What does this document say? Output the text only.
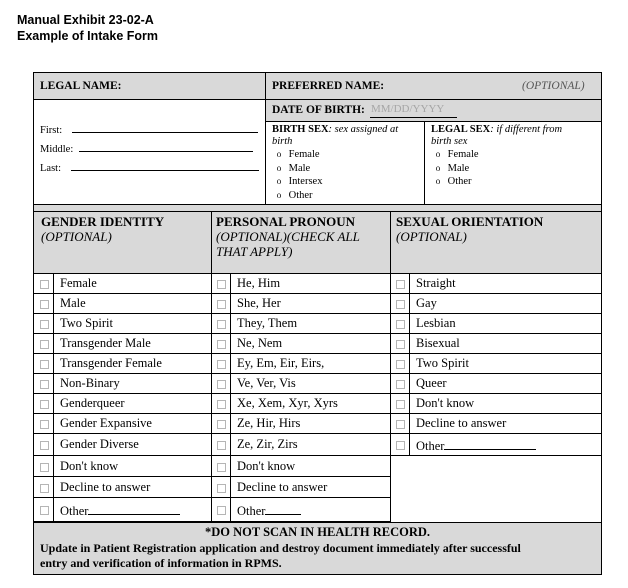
Manual Exhibit 23-02-A
Example of Intake Form
LEGAL NAME:	PREFERRED NAME:	(OPTIONAL)
DATE OF BIRTH: MM/DD/YYYY
First:
Middle:
Last:
BIRTH SEX: sex assigned at
birth
o Female
o Male
o Intersex
o Other
LEGAL SEX: if different from
birth sex
o Female
o Male
o Other
GENDER IDENTITY
(OPTIONAL)
PERSONAL PRONOUN
(OPTIONAL)(CHECK ALL
THAT APPLY)
SEXUAL ORIENTATION
(OPTIONAL)
Female
Male
Two Spirit
Transgender Male
Transgender Female
Non-Binary
Genderqueer
Gender Expansive
Gender Diverse
Don't know
Decline to answer
Other
He, Him
She, Her
They, Them
Ne, Nem
Ey, Em, Eir, Eirs,
Ve, Ver, Vis
Xe, Xem, Xyr, Xyrs
Ze, Hir, Hirs
Ze, Zir, Zirs
Don't know
Decline to answer
Other
Straight
Gay
Lesbian
Bisexual
Two Spirit
Queer
Don't know
Decline to answer
Other
*DO NOT SCAN IN HEALTH RECORD.
Update in Patient Registration application and destroy document immediately after successful
entry and verification of information in RPMS.
